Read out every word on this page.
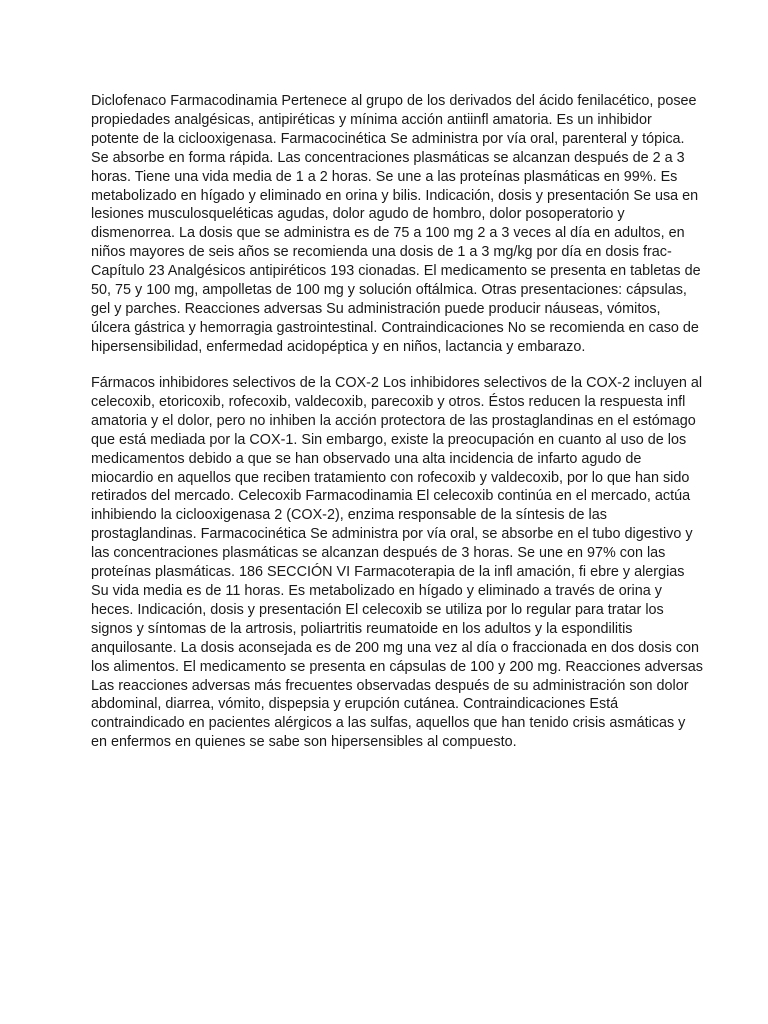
Diclofenaco Farmacodinamia Pertenece al grupo de los derivados del ácido fenilacético, posee
propiedades analgésicas, antipiréticas y mínima acción antiinfl amatoria. Es un inhibidor
potente de la ciclooxigenasa. Farmacocinética Se administra por vía oral, parenteral y tópica.
Se absorbe en forma rápida. Las concentraciones plasmáticas se alcanzan después de 2 a 3
horas. Tiene una vida media de 1 a 2 horas. Se une a las proteínas plasmáticas en 99%. Es
metabolizado en hígado y eliminado en orina y bilis. Indicación, dosis y presentación Se usa en
lesiones musculosqueléticas agudas, dolor agudo de hombro, dolor posoperatorio y
dismenorrea. La dosis que se administra es de 75 a 100 mg 2 a 3 veces al día en adultos, en
niños mayores de seis años se recomienda una dosis de 1 a 3 mg/kg por día en dosis frac-
Capítulo 23 Analgésicos antipiréticos 193 cionadas. El medicamento se presenta en tabletas de
50, 75 y 100 mg, ampolletas de 100 mg y solución oftálmica. Otras presentaciones: cápsulas,
gel y parches. Reacciones adversas Su administración puede producir náuseas, vómitos,
úlcera gástrica y hemorragia gastrointestinal. Contraindicaciones No se recomienda en caso de
hipersensibilidad, enfermedad acidopéptica y en niños, lactancia y embarazo.
Fármacos inhibidores selectivos de la COX-2 Los inhibidores selectivos de la COX-2 incluyen al
celecoxib, etoricoxib, rofecoxib, valdecoxib, parecoxib y otros. Éstos reducen la respuesta infl
amatoria y el dolor, pero no inhiben la acción protectora de las prostaglandinas en el estómago
que está mediada por la COX-1. Sin embargo, existe la preocupación en cuanto al uso de los
medicamentos debido a que se han observado una alta incidencia de infarto agudo de
miocardio en aquellos que reciben tratamiento con rofecoxib y valdecoxib, por lo que han sido
retirados del mercado. Celecoxib Farmacodinamia El celecoxib continúa en el mercado, actúa
inhibiendo la ciclooxigenasa 2 (COX-2), enzima responsable de la síntesis de las
prostaglandinas. Farmacocinética Se administra por vía oral, se absorbe en el tubo digestivo y
las concentraciones plasmáticas se alcanzan después de 3 horas. Se une en 97% con las
proteínas plasmáticas. 186 SECCIÓN VI Farmacoterapia de la infl amación, fi ebre y alergias
Su vida media es de 11 horas. Es metabolizado en hígado y eliminado a través de orina y
heces. Indicación, dosis y presentación El celecoxib se utiliza por lo regular para tratar los
signos y síntomas de la artrosis, poliartritis reumatoide en los adultos y la espondilitis
anquilosante. La dosis aconsejada es de 200 mg una vez al día o fraccionada en dos dosis con
los alimentos. El medicamento se presenta en cápsulas de 100 y 200 mg. Reacciones adversas
Las reacciones adversas más frecuentes observadas después de su administración son dolor
abdominal, diarrea, vómito, dispepsia y erupción cutánea. Contraindicaciones Está
contraindicado en pacientes alérgicos a las sulfas, aquellos que han tenido crisis asmáticas y
en enfermos en quienes se sabe son hipersensibles al compuesto.
